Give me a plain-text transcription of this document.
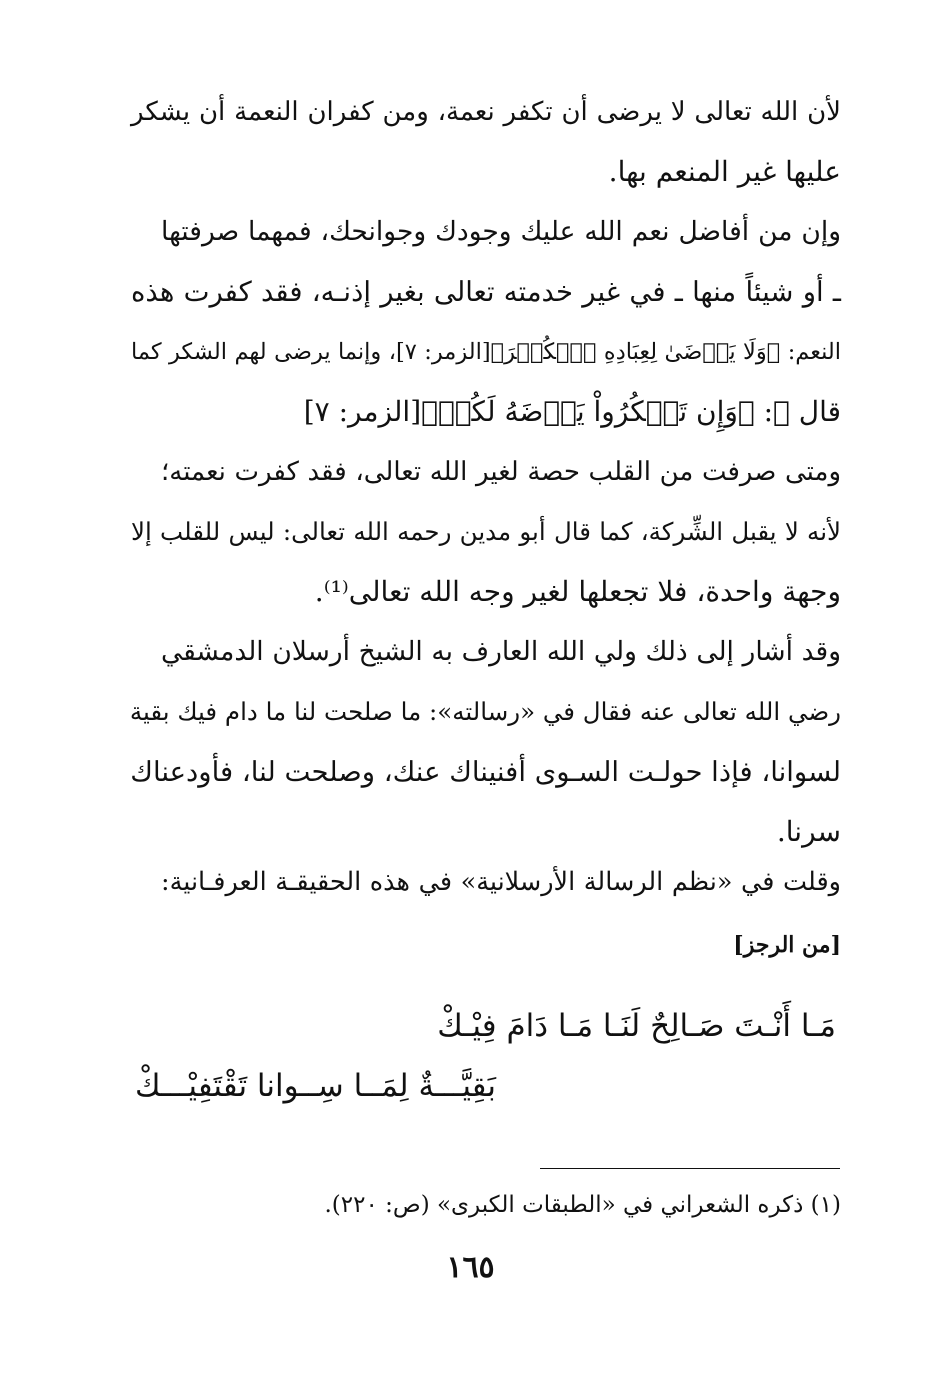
لأن الله تعالى لا يرضى أن تكفر نعمة، ومن كفران النعمة أن يشكر
عليها غير المنعم بها.
وإن من أفاضل نعم الله عليك وجودك وجوانحك، فمهما صرفتها
ـ أو شيئاً منها ـ في غير خدمته تعالى بغير إذنـه، فقد كفرت هذه
النعم: ﴿وَلَا يَرۡضَىٰ لِعِبَادِهِ ٱلۡكُفۡرَ﴾[الزمر: ٧]، وإنما يرضى لهم الشكر كما
قال ﷻ: ﴿وَإِن تَشۡكُرُواْ يَرۡضَهُ لَكُمۡ﴾[الزمر: ٧]
ومتى صرفت من القلب حصة لغير الله تعالى، فقد كفرت نعمته؛
لأنه لا يقبل الشِّركة، كما قال أبو مدين رحمه الله تعالى: ليس للقلب إلا
وجهة واحدة، فلا تجعلها لغير وجه الله تعالى⁽¹⁾.
وقد أشار إلى ذلك ولي الله العارف به الشيخ أرسلان الدمشقي
رضي الله تعالى عنه فقال في «رسالته»: ما صلحت لنا ما دام فيك بقية
لسوانا، فإذا حولـت السـوى أفنيناك عنك، وصلحت لنا، فأودعناك
سرنا.
وقلت في «نظم الرسالة الأرسلانية» في هذه الحقيقـة العرفـانية:
[من الرجز]
مَـا أَنْـتَ صَـالِحٌ لَنَـا مَـا دَامَ فِيْـكْ
بَقِيَّـــةٌ لِمَــا سِــوانا تَقْتَفِيْـــكْ
(١) ذكره الشعراني في «الطبقات الكبرى» (ص: ٢٢٠).
١٦٥
